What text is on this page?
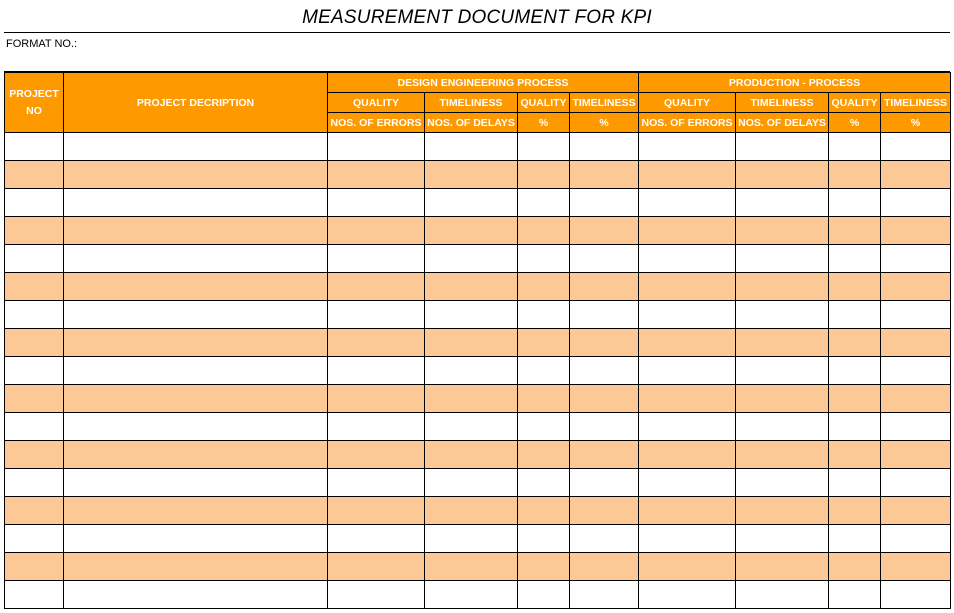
MEASUREMENT DOCUMENT FOR KPI
FORMAT NO.:
PROJECT NO	PROJECT DECRIPTION	DESIGN ENGINEERING PROCESS				PRODUCTION - PROCESS			
		QUALITY	TIMELINESS	QUALITY	TIMELINESS	QUALITY	TIMELINESS	QUALITY	TIMELINESS
		NOS. OF ERRORS	NOS. OF DELAYS	%	%	NOS. OF ERRORS	NOS. OF DELAYS	%	%
